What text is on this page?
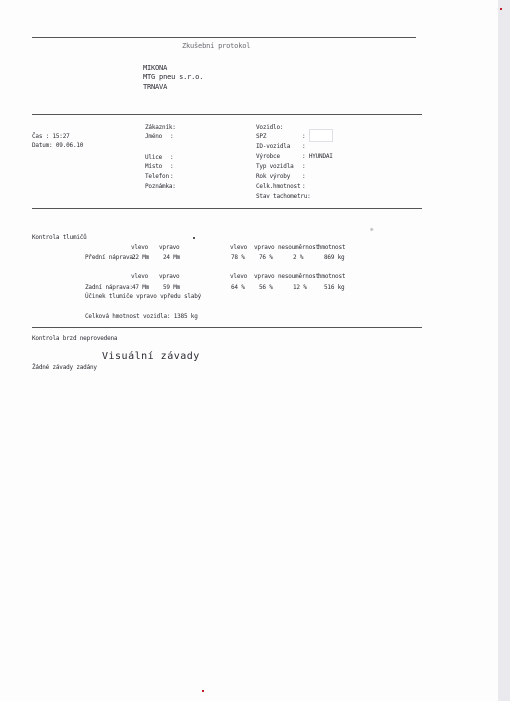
Zkušební protokol
MIKONA
MTG pneu s.r.o.
TRNAVA
Čas : 15:27
Datum: 09.06.10
Zákazník:
Jméno :
Ulice :
Místo :
Telefon :
Poznámka:
Vozidlo:
SPZ	:
ID-vozidla :
Výrobce	: HYUNDAI
Typ vozidla :
Rok výroby :
Celk.hmotnost :
Stav tachometru:
Kontrola tlumičů
❈
vlevo vpravo	vlevo vpravo nesouměrnost hmotnost
Přední náprava:
22 Mm 24 Mm	78 % 76 %	2 %	869 kg
vlevo vpravo	vlevo vpravo nesouměrnost hmotnost
Zadní náprava: 47 Mm 59 Mm	64 % 56 %	12 %	516 kg
Účinek tlumiče vpravo vpředu slabý
Celková hmotnost vozidla: 1385 kg
Kontrola brzd neprovedena
Visuální závady
Žádné závady zadány
